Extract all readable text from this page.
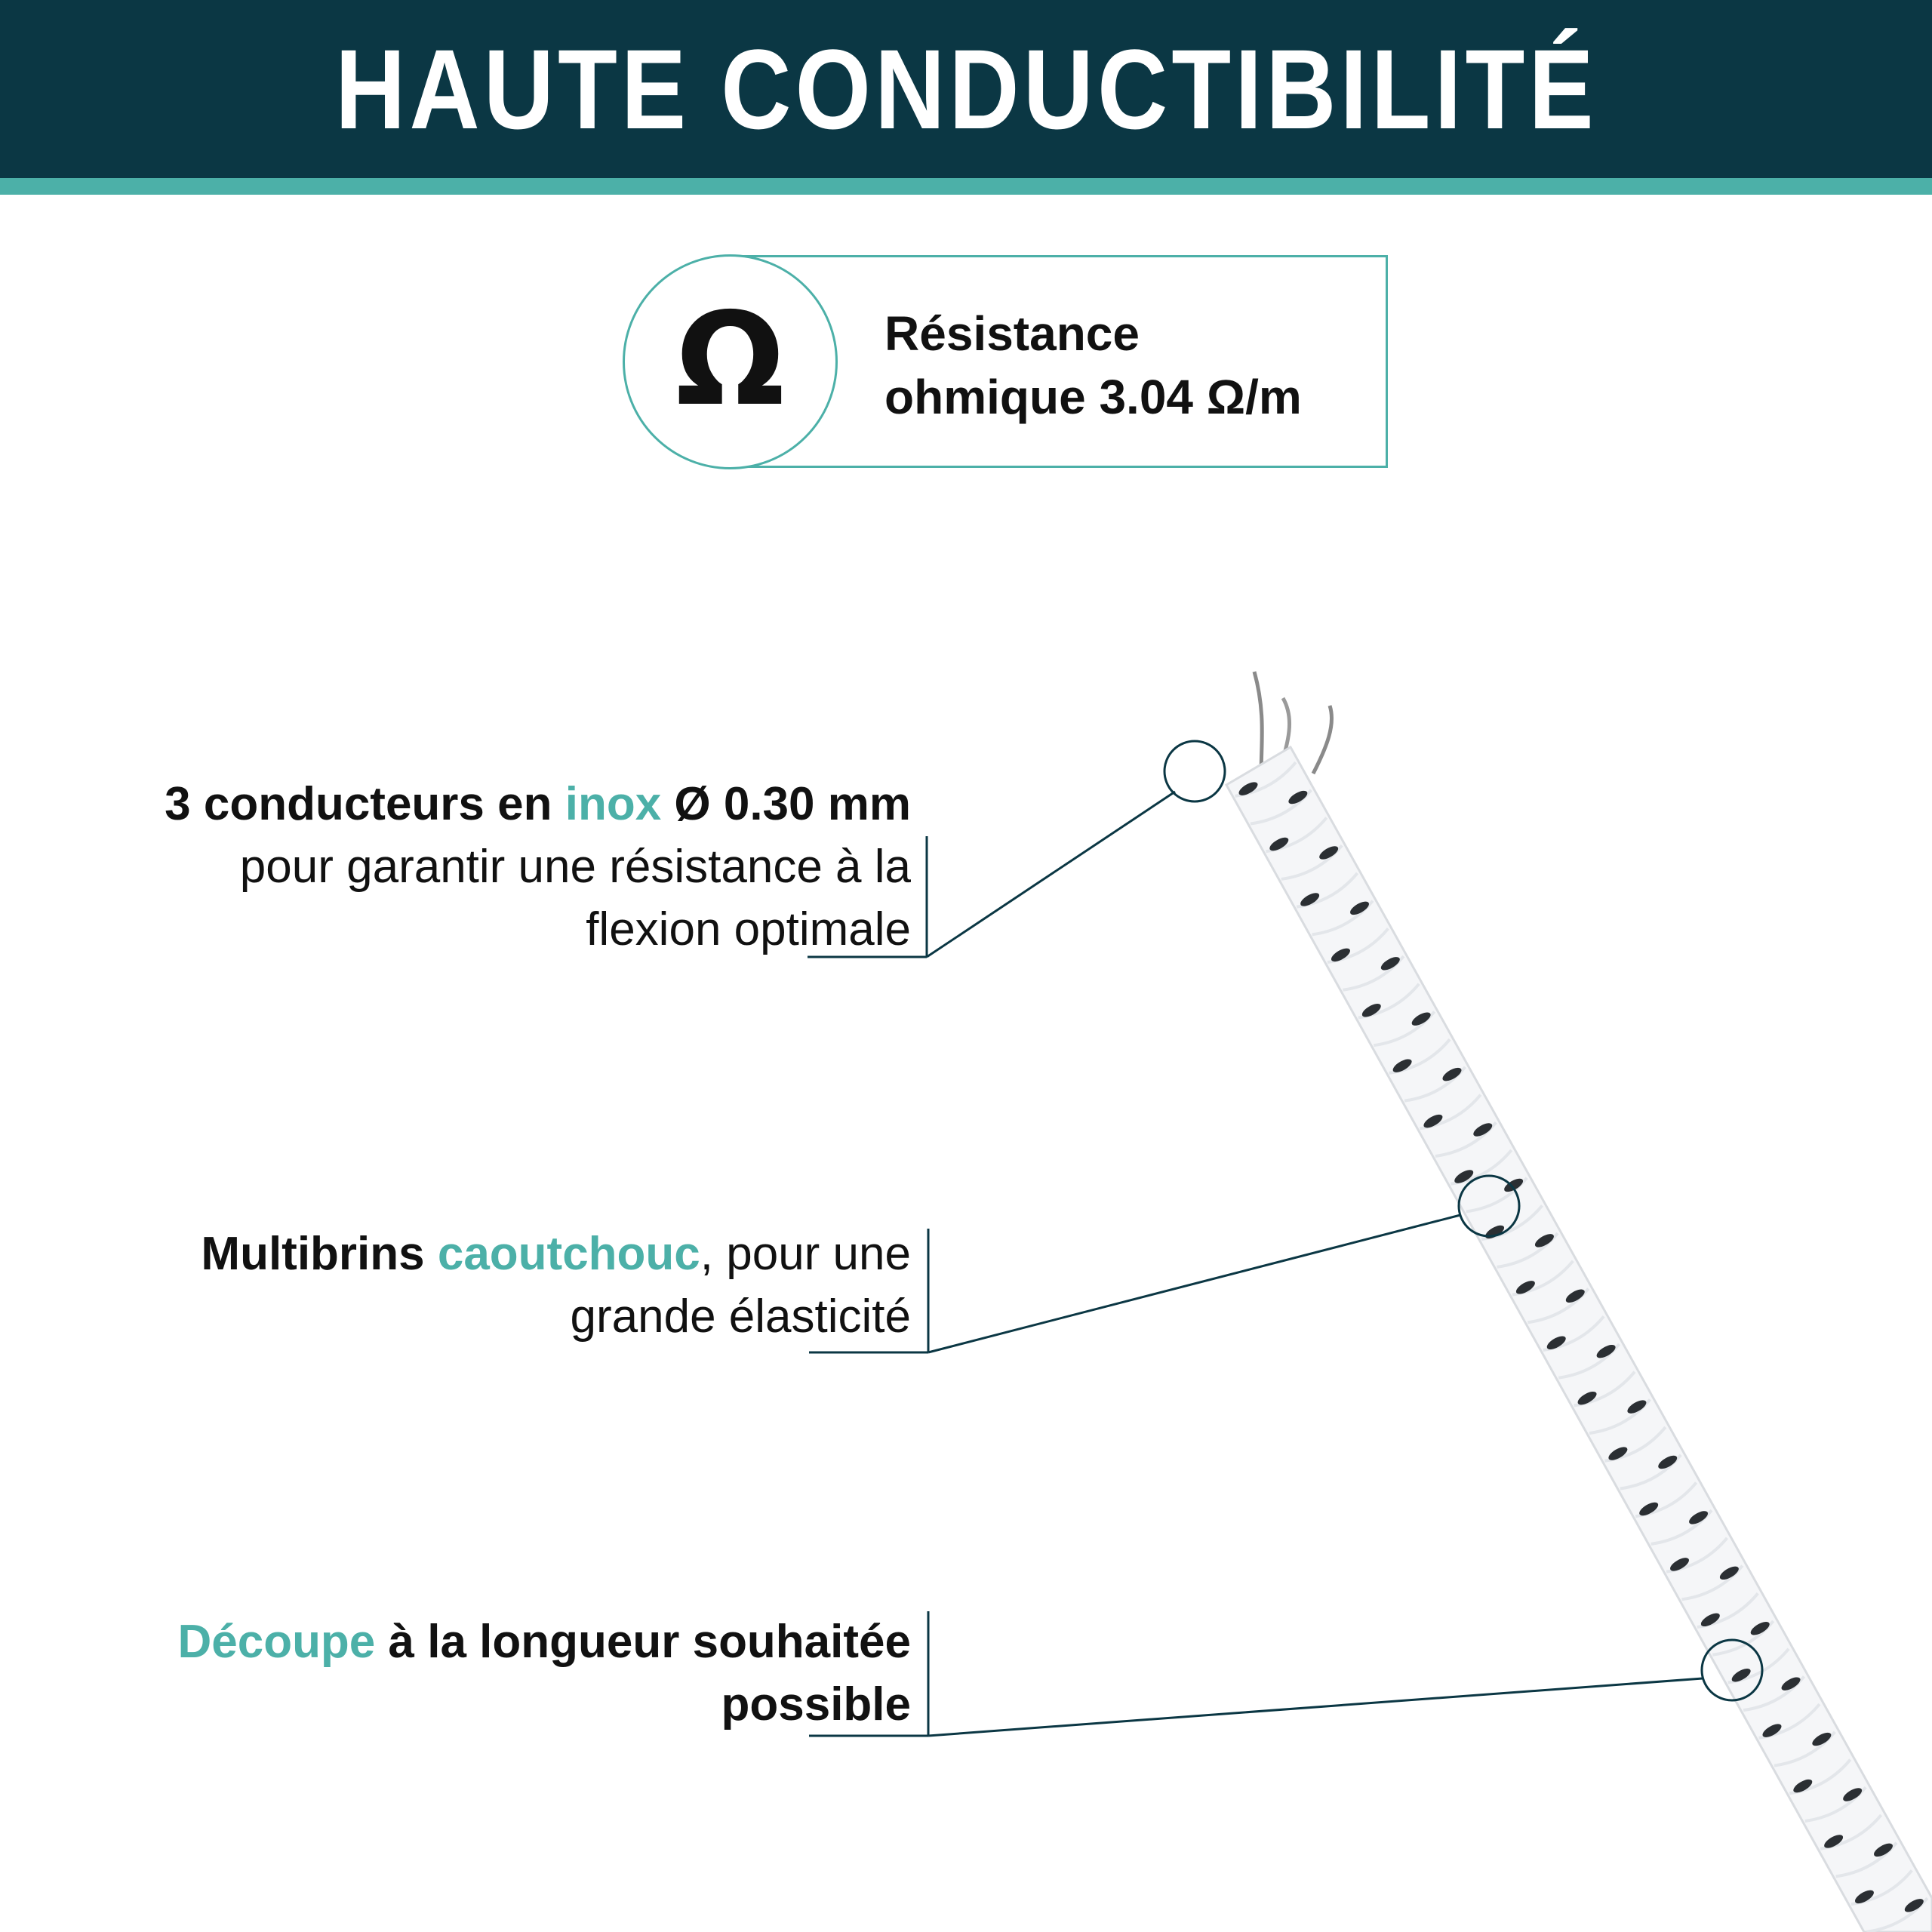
HAUTE CONDUCTIBILITÉ
Ω Résistance
ohmique 3.04 Ω/m
3 conducteurs en inox Ø 0.30 mm
pour garantir une résistance à la
flexion optimale
Multibrins caoutchouc, pour une
grande élasticité
Découpe à la longueur souhaitée
possible
